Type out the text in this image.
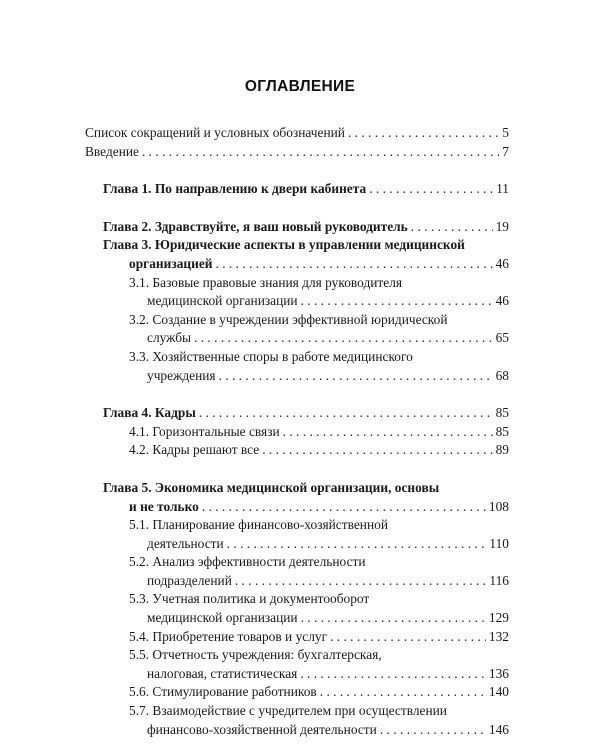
ОГЛАВЛЕНИЕ
Список сокращений и условных обозначений . . .	5
Введение . . .	7
Глава 1. По направлению к двери кабинета . . .	11
Глава 2. Здравствуйте, я ваш новый руководитель . . .	19
Глава 3. Юридические аспекты в управлении медицинской
организацией . . .	46
3.1. Базовые правовые знания для руководителя
медицинской организации . . .	46
3.2. Создание в учреждении эффективной юридической
службы . . .	65
3.3. Хозяйственные споры в работе медицинского
учреждения . . .	68
Глава 4. Кадры . . .	85
4.1. Горизонтальные связи . . .	85
4.2. Кадры решают все . . .	89
Глава 5. Экономика медицинской организации, основы
и не только . . .	108
5.1. Планирование финансово-хозяйственной
деятельности . . .	110
5.2. Анализ эффективности деятельности
подразделений . . .	116
5.3. Учетная политика и документооборот
медицинской организации . . .	129
5.4. Приобретение товаров и услуг . . .	132
5.5. Отчетность учреждения: бухгалтерская,
налоговая, статистическая . . .	136
5.6. Стимулирование работников . . .	140
5.7. Взаимодействие с учредителем при осуществлении
финансово-хозяйственной деятельности . . .	146
